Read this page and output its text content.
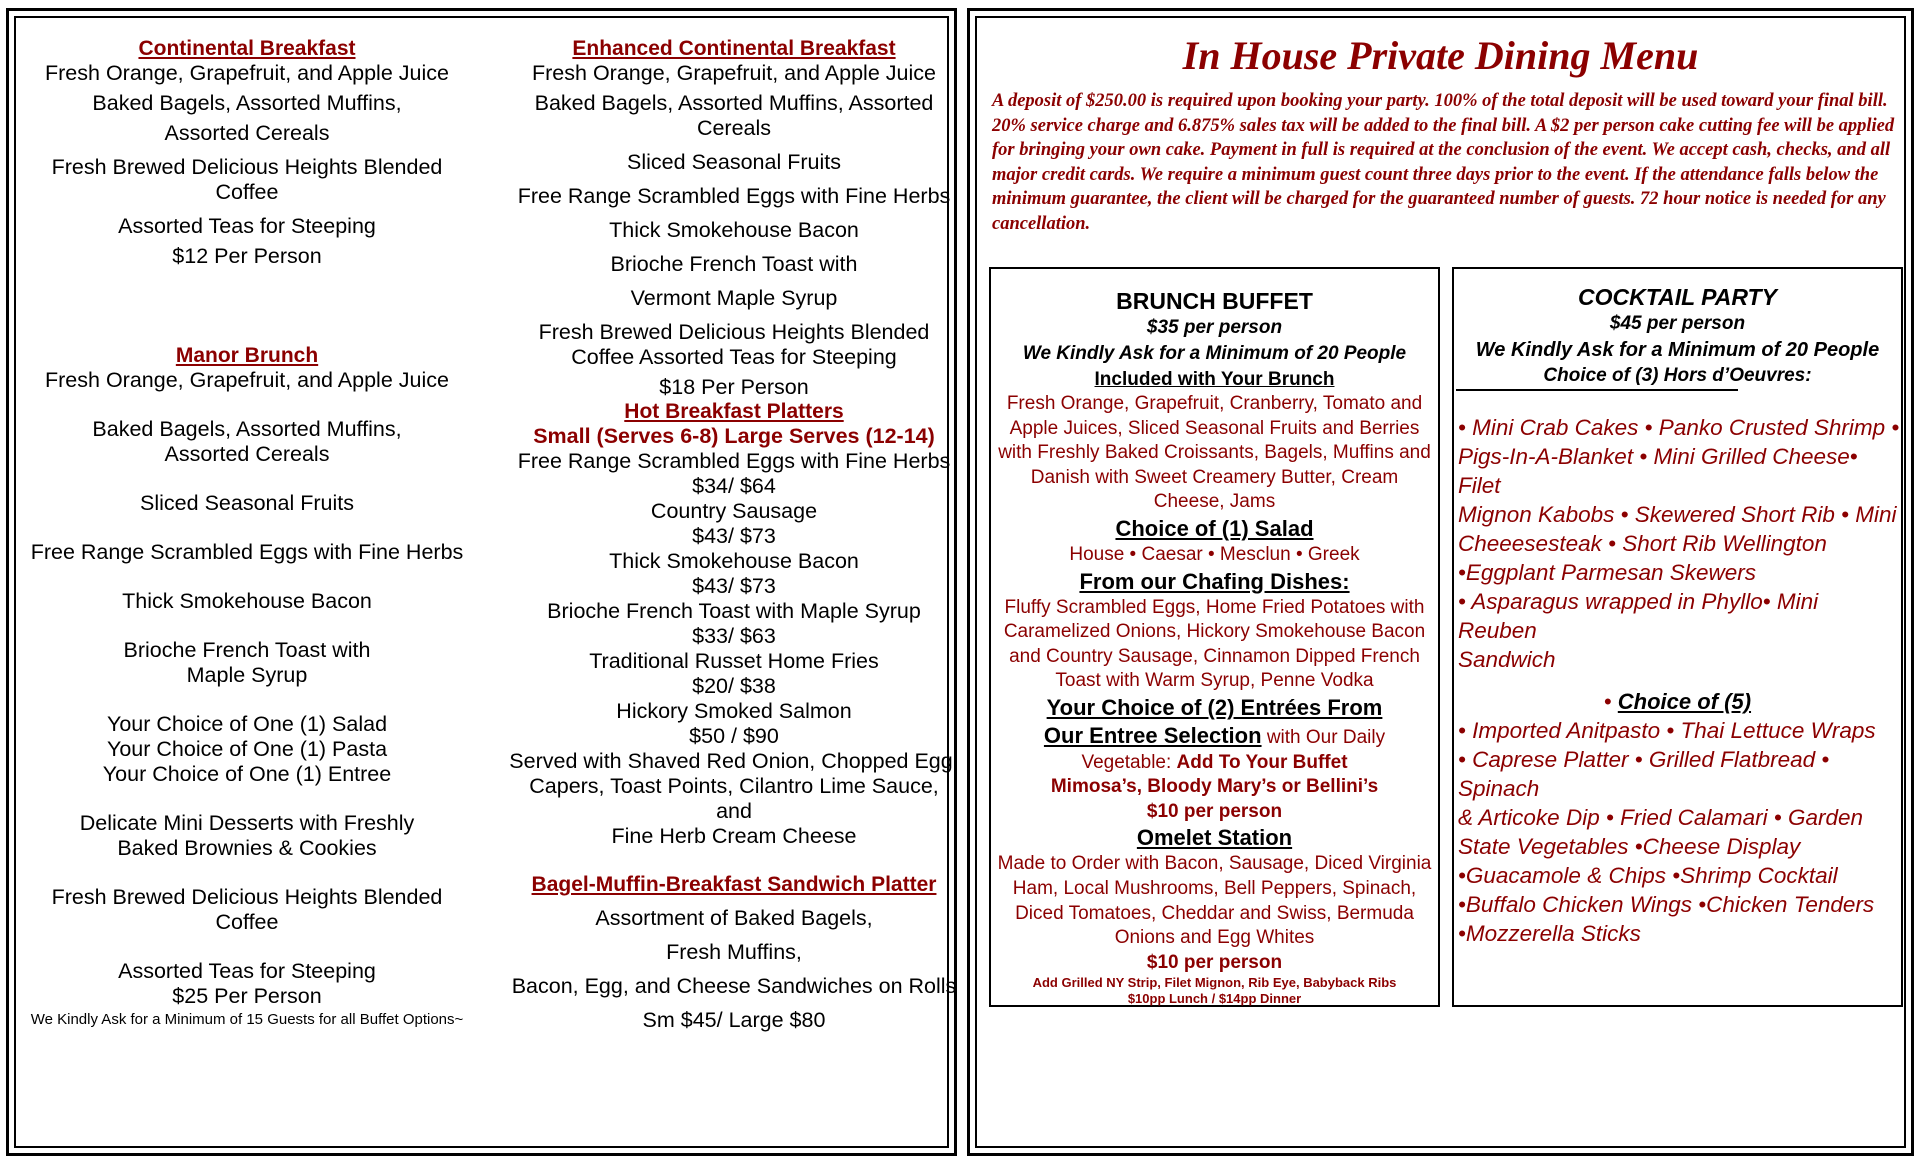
Continental Breakfast
Fresh Orange, Grapefruit, and Apple Juice
Baked Bagels, Assorted Muffins,
Assorted Cereals
Fresh Brewed Delicious Heights Blended
Coffee
Assorted Teas for Steeping
$12 Per Person
Manor Brunch
Fresh Orange, Grapefruit, and Apple Juice
Baked Bagels, Assorted Muffins,
Assorted Cereals
Sliced Seasonal Fruits
Free Range Scrambled Eggs with Fine Herbs
Thick Smokehouse Bacon
Brioche French Toast with
Maple Syrup
Your Choice of One (1) Salad
Your Choice of One (1) Pasta
Your Choice of One (1) Entree
Delicate Mini Desserts with Freshly
Baked Brownies & Cookies
Fresh Brewed Delicious Heights Blended
Coffee
Assorted Teas for Steeping
$25 Per Person
We Kindly Ask for a Minimum of 15 Guests for all Buffet Options~
Enhanced Continental Breakfast
Fresh Orange, Grapefruit, and Apple Juice
Baked Bagels, Assorted Muffins, Assorted
Cereals
Sliced Seasonal Fruits
Free Range Scrambled Eggs with Fine Herbs
Thick Smokehouse Bacon
Brioche French Toast with
Vermont Maple Syrup
Fresh Brewed Delicious Heights Blended
Coffee Assorted Teas for Steeping
$18 Per Person
Hot Breakfast Platters
Small (Serves 6-8) Large Serves (12-14)
Free Range Scrambled Eggs with Fine Herbs
$34/ $64
Country Sausage
$43/ $73
Thick Smokehouse Bacon
$43/ $73
Brioche French Toast with Maple Syrup
$33/ $63
Traditional Russet Home Fries
$20/ $38
Hickory Smoked Salmon
$50 / $90
Served with Shaved Red Onion, Chopped Egg,
Capers, Toast Points, Cilantro Lime Sauce, and
Fine Herb Cream Cheese
Bagel-Muffin-Breakfast Sandwich Platter
Assortment of Baked Bagels,
Fresh Muffins,
Bacon, Egg, and Cheese Sandwiches on Rolls
Sm $45/ Large $80
In House Private Dining Menu
A deposit of $250.00 is required upon booking your party. 100% of the total deposit will be used toward your final bill. 20% service charge and 6.875% sales tax will be added to the final bill. A $2 per person cake cutting fee will be applied for bringing your own cake. Payment in full is required at the conclusion of the event. We accept cash, checks, and all major credit cards. We require a minimum guest count three days prior to the event. If the attendance falls below the minimum guarantee, the client will be charged for the guaranteed number of guests. 72 hour notice is needed for any cancellation.
BRUNCH BUFFET
$35 per person
We Kindly Ask for a Minimum of 20 People
Included with Your Brunch
Fresh Orange, Grapefruit, Cranberry, Tomato and
Apple Juices, Sliced Seasonal Fruits and Berries
with Freshly Baked Croissants, Bagels, Muffins and
Danish with Sweet Creamery Butter, Cream
Cheese, Jams
Choice of (1) Salad
House • Caesar • Mesclun • Greek
From our Chafing Dishes:
Fluffy Scrambled Eggs, Home Fried Potatoes with
Caramelized Onions, Hickory Smokehouse Bacon
and Country Sausage, Cinnamon Dipped French
Toast with Warm Syrup, Penne Vodka
Your Choice of (2) Entrées From
Our Entree Selection with Our Daily
Vegetable: Add To Your Buffet
Mimosa’s, Bloody Mary’s or Bellini’s
$10 per person
Omelet Station
Made to Order with Bacon, Sausage, Diced Virginia
Ham, Local Mushrooms, Bell Peppers, Spinach,
Diced Tomatoes, Cheddar and Swiss, Bermuda
Onions and Egg Whites
$10 per person
Add Grilled NY Strip, Filet Mignon, Rib Eye, Babyback Ribs
$10pp Lunch / $14pp Dinner
COCKTAIL PARTY
$45 per person
We Kindly Ask for a Minimum of 20 People
Choice of (3) Hors d’Oeuvres:
• Mini Crab Cakes • Panko Crusted Shrimp •
Pigs-In-A-Blanket • Mini Grilled Cheese• Filet
Mignon Kabobs • Skewered Short Rib • Mini
Cheeesesteak • Short Rib Wellington
•Eggplant Parmesan Skewers
• Asparagus wrapped in Phyllo• Mini Reuben
Sandwich
• Choice of (5)
• Imported Anitpasto • Thai Lettuce Wraps
• Caprese Platter • Grilled Flatbread • Spinach
& Articoke Dip • Fried Calamari • Garden
State Vegetables •Cheese Display
•Guacamole & Chips •Shrimp Cocktail
•Buffalo Chicken Wings •Chicken Tenders
•Mozzerella Sticks
